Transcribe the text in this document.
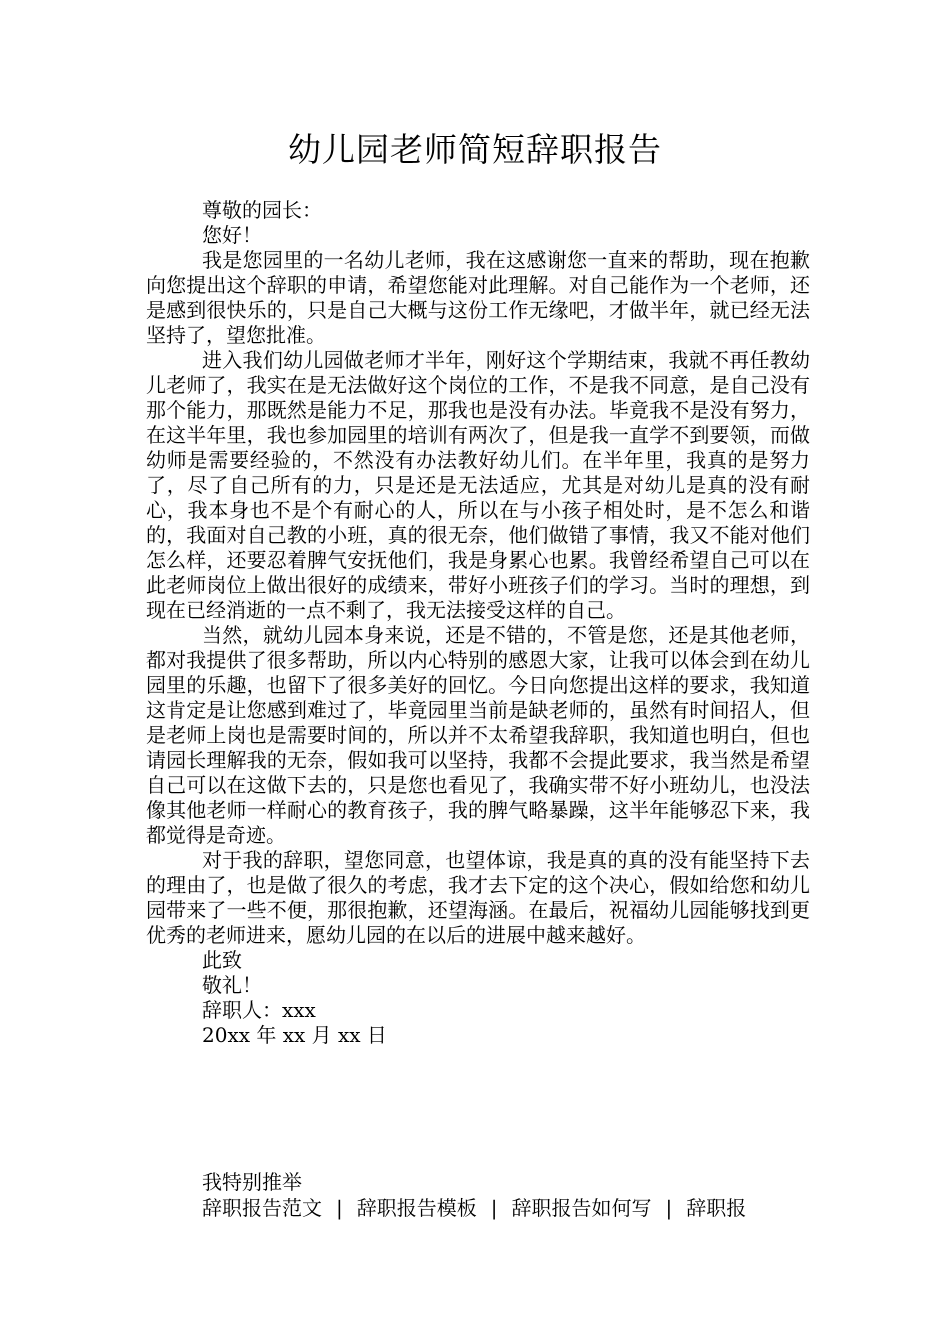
幼儿园老师简短辞职报告

尊敬的园长：

您好！

我是您园里的一名幼儿老师，我在这感谢您一直来的帮助，现在抱歉向您提出这个辞职的申请，希望您能对此理解。对自己能作为一个老师，还是感到很快乐的，只是自己大概与这份工作无缘吧，才做半年，就已经无法坚持了，望您批准。

进入我们幼儿园做老师才半年，刚好这个学期结束，我就不再任教幼儿老师了，我实在是无法做好这个岗位的工作，不是我不同意，是自己没有那个能力，那既然是能力不足，那我也是没有办法。毕竟我不是没有努力，在这半年里，我也参加园里的培训有两次了，但是我一直学不到要领，而做幼师是需要经验的，不然没有办法教好幼儿们。在半年里，我真的是努力了，尽了自己所有的力，只是还是无法适应，尤其是对幼儿是真的没有耐心，我本身也不是个有耐心的人，所以在与小孩子相处时，是不怎么和谐的，我面对自己教的小班，真的很无奈，他们做错了事情，我又不能对他们怎么样，还要忍着脾气安抚他们，我是身累心也累。我曾经希望自己可以在此老师岗位上做出很好的成绩来，带好小班孩子们的学习。当时的理想，到现在已经消逝的一点不剩了，我无法接受这样的自己。

当然，就幼儿园本身来说，还是不错的，不管是您，还是其他老师，都对我提供了很多帮助，所以内心特别的感恩大家，让我可以体会到在幼儿园里的乐趣，也留下了很多美好的回忆。今日向您提出这样的要求，我知道这肯定是让您感到难过了，毕竟园里当前是缺老师的，虽然有时间招人，但是老师上岗也是需要时间的，所以并不太希望我辞职，我知道也明白，但也请园长理解我的无奈，假如我可以坚持，我都不会提此要求，我当然是希望自己可以在这做下去的，只是您也看见了，我确实带不好小班幼儿，也没法像其他老师一样耐心的教育孩子，我的脾气略暴躁，这半年能够忍下来，我都觉得是奇迹。

对于我的辞职，望您同意，也望体谅，我是真的真的没有能坚持下去的理由了，也是做了很久的考虑，我才去下定的这个决心，假如给您和幼儿园带来了一些不便，那很抱歉，还望海涵。在最后，祝福幼儿园能够找到更优秀的老师进来，愿幼儿园的在以后的进展中越来越好。

此致

敬礼！

辞职人：xxx

20xx 年 xx 月 xx 日

我特别推举
辞职报告范文 | 辞职报告模板 | 辞职报告如何写 | 辞职报
